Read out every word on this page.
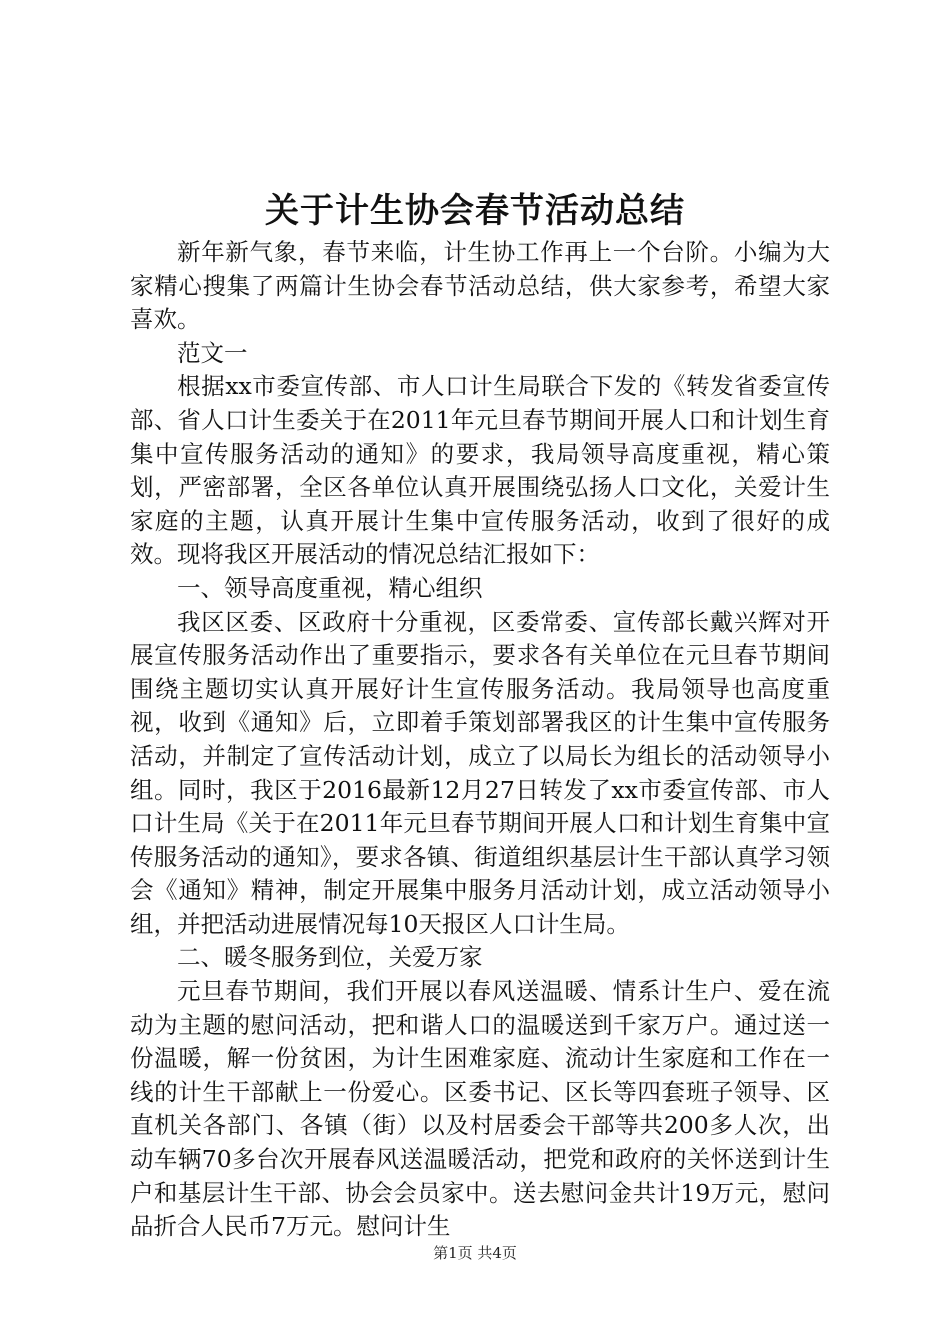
关于计生协会春节活动总结

新年新气象，春节来临，计生协工作再上一个台阶。小编为大家精心搜集了两篇计生协会春节活动总结，供大家参考，希望大家喜欢。

范文一

根据xx市委宣传部、市人口计生局联合下发的《转发省委宣传部、省人口计生委关于在2011年元旦春节期间开展人口和计划生育集中宣传服务活动的通知》的要求，我局领导高度重视，精心策划，严密部署，全区各单位认真开展围绕弘扬人口文化，关爱计生家庭的主题，认真开展计生集中宣传服务活动，收到了很好的成效。现将我区开展活动的情况总结汇报如下：

一、领导高度重视，精心组织

我区区委、区政府十分重视，区委常委、宣传部长戴兴辉对开展宣传服务活动作出了重要指示，要求各有关单位在元旦春节期间围绕主题切实认真开展好计生宣传服务活动。我局领导也高度重视，收到《通知》后，立即着手策划部署我区的计生集中宣传服务活动，并制定了宣传活动计划，成立了以局长为组长的活动领导小组。同时，我区于2016最新12月27日转发了xx市委宣传部、市人口计生局《关于在2011年元旦春节期间开展人口和计划生育集中宣传服务活动的通知》，要求各镇、街道组织基层计生干部认真学习领会《通知》精神，制定开展集中服务月活动计划，成立活动领导小组，并把活动进展情况每10天报区人口计生局。

二、暖冬服务到位，关爱万家

元旦春节期间，我们开展以春风送温暖、情系计生户、爱在流动为主题的慰问活动，把和谐人口的温暖送到千家万户。通过送一份温暖，解一份贫困，为计生困难家庭、流动计生家庭和工作在一线的计生干部献上一份爱心。区委书记、区长等四套班子领导、区直机关各部门、各镇（街）以及村居委会干部等共200多人次，出动车辆70多台次开展春风送温暖活动，把党和政府的关怀送到计生户和基层计生干部、协会会员家中。送去慰问金共计19万元，慰问品折合人民币7万元。慰问计生

第1页 共4页
